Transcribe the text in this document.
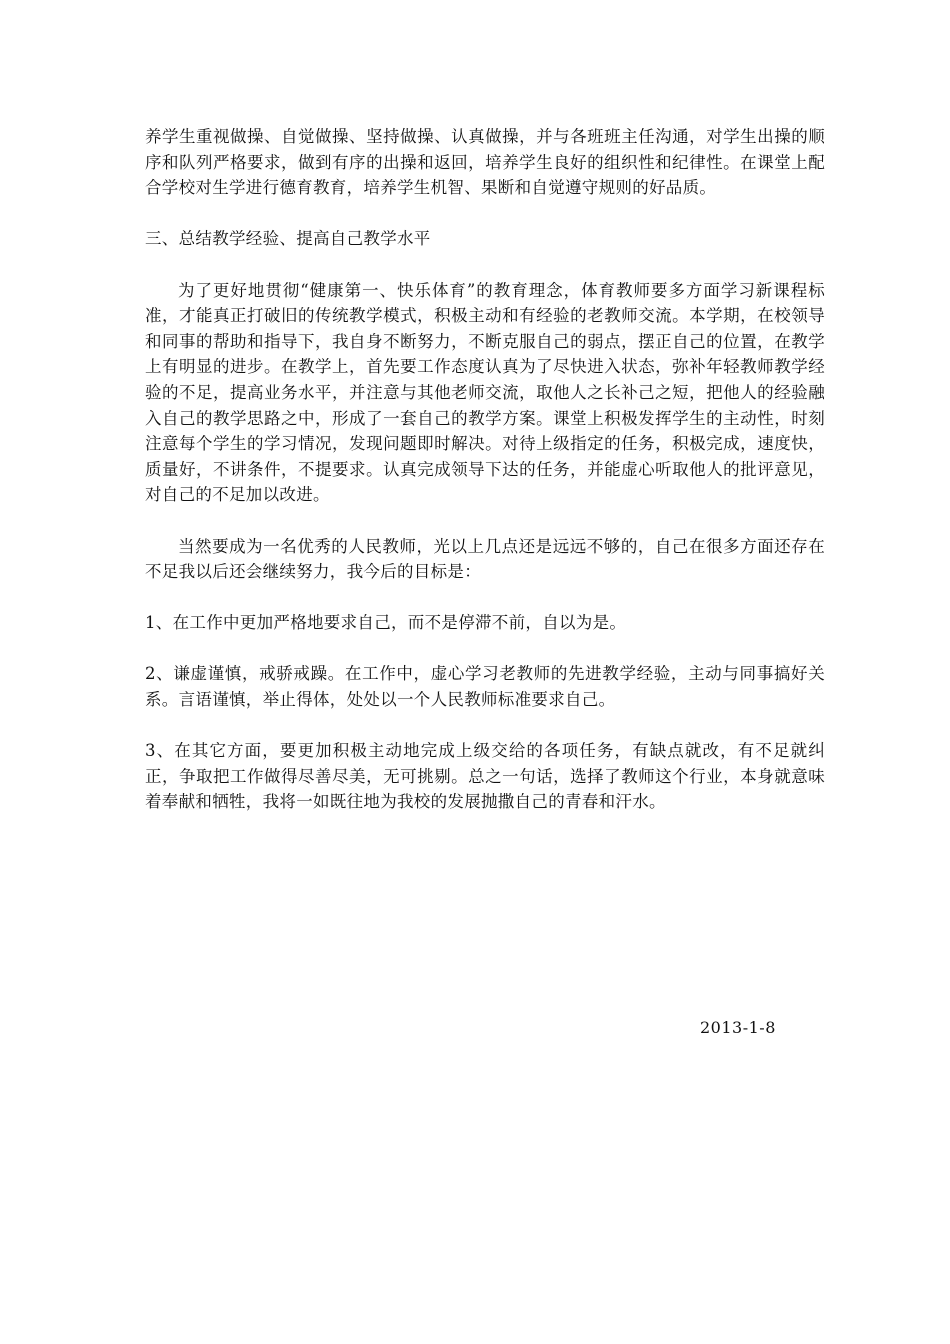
养学生重视做操、自觉做操、坚持做操、认真做操，并与各班班主任沟通，对学生出操的顺序和队列严格要求，做到有序的出操和返回，培养学生良好的组织性和纪律性。在课堂上配合学校对生学进行德育教育，培养学生机智、果断和自觉遵守规则的好品质。

三、总结教学经验、提高自己教学水平

为了更好地贯彻“健康第一、快乐体育”的教育理念，体育教师要多方面学习新课程标准，才能真正打破旧的传统教学模式，积极主动和有经验的老教师交流。本学期，在校领导和同事的帮助和指导下，我自身不断努力，不断克服自己的弱点，摆正自己的位置，在教学上有明显的进步。在教学上，首先要工作态度认真为了尽快进入状态，弥补年轻教师教学经验的不足，提高业务水平，并注意与其他老师交流，取他人之长补己之短，把他人的经验融入自己的教学思路之中，形成了一套自己的教学方案。课堂上积极发挥学生的主动性，时刻注意每个学生的学习情况，发现问题即时解决。对待上级指定的任务，积极完成，速度快，质量好，不讲条件，不提要求。认真完成领导下达的任务，并能虚心听取他人的批评意见，对自己的不足加以改进。

当然要成为一名优秀的人民教师，光以上几点还是远远不够的，自己在很多方面还存在不足我以后还会继续努力，我今后的目标是：

1、在工作中更加严格地要求自己，而不是停滞不前，自以为是。

2、谦虚谨慎，戒骄戒躁。在工作中，虚心学习老教师的先进教学经验，主动与同事搞好关系。言语谨慎，举止得体，处处以一个人民教师标准要求自己。

3、在其它方面，要更加积极主动地完成上级交给的各项任务，有缺点就改，有不足就纠正，争取把工作做得尽善尽美，无可挑剔。总之一句话，选择了教师这个行业，本身就意味着奉献和牺牲，我将一如既往地为我校的发展抛撒自己的青春和汗水。

2013-1-8
